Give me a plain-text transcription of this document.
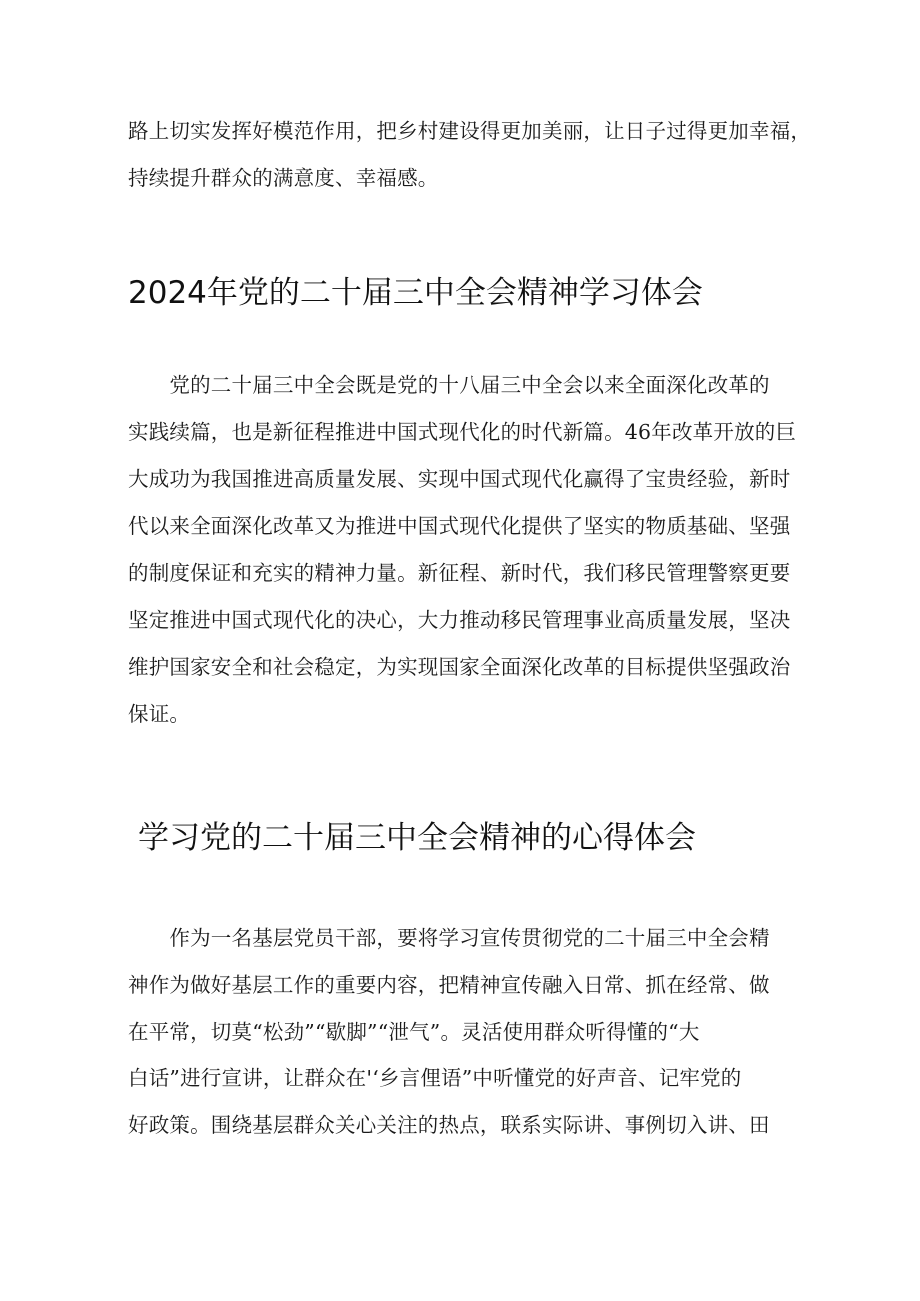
路上切实发挥好模范作用，把乡村建设得更加美丽，让日子过得更加幸福，
持续提升群众的满意度、幸福感。
2024年党的二十届三中全会精神学习体会
　　党的二十届三中全会既是党的十八届三中全会以来全面深化改革的
实践续篇，也是新征程推进中国式现代化的时代新篇。46年改革开放的巨
大成功为我国推进高质量发展、实现中国式现代化赢得了宝贵经验，新时
代以来全面深化改革又为推进中国式现代化提供了坚实的物质基础、坚强
的制度保证和充实的精神力量。新征程、新时代，我们移民管理警察更要
坚定推进中国式现代化的决心，大力推动移民管理事业高质量发展，坚决
维护国家安全和社会稳定，为实现国家全面深化改革的目标提供坚强政治
保证。
学习党的二十届三中全会精神的心得体会
　　作为一名基层党员干部，要将学习宣传贯彻党的二十届三中全会精
神作为做好基层工作的重要内容，把精神宣传融入日常、抓在经常、做
在平常，切莫“松劲”“歇脚”“泄气”。灵活使用群众听得懂的“大
白话”进行宣讲，让群众在'‘乡言俚语”中听懂党的好声音、记牢党的
好政策。围绕基层群众关心关注的热点，联系实际讲、事例切入讲、田
